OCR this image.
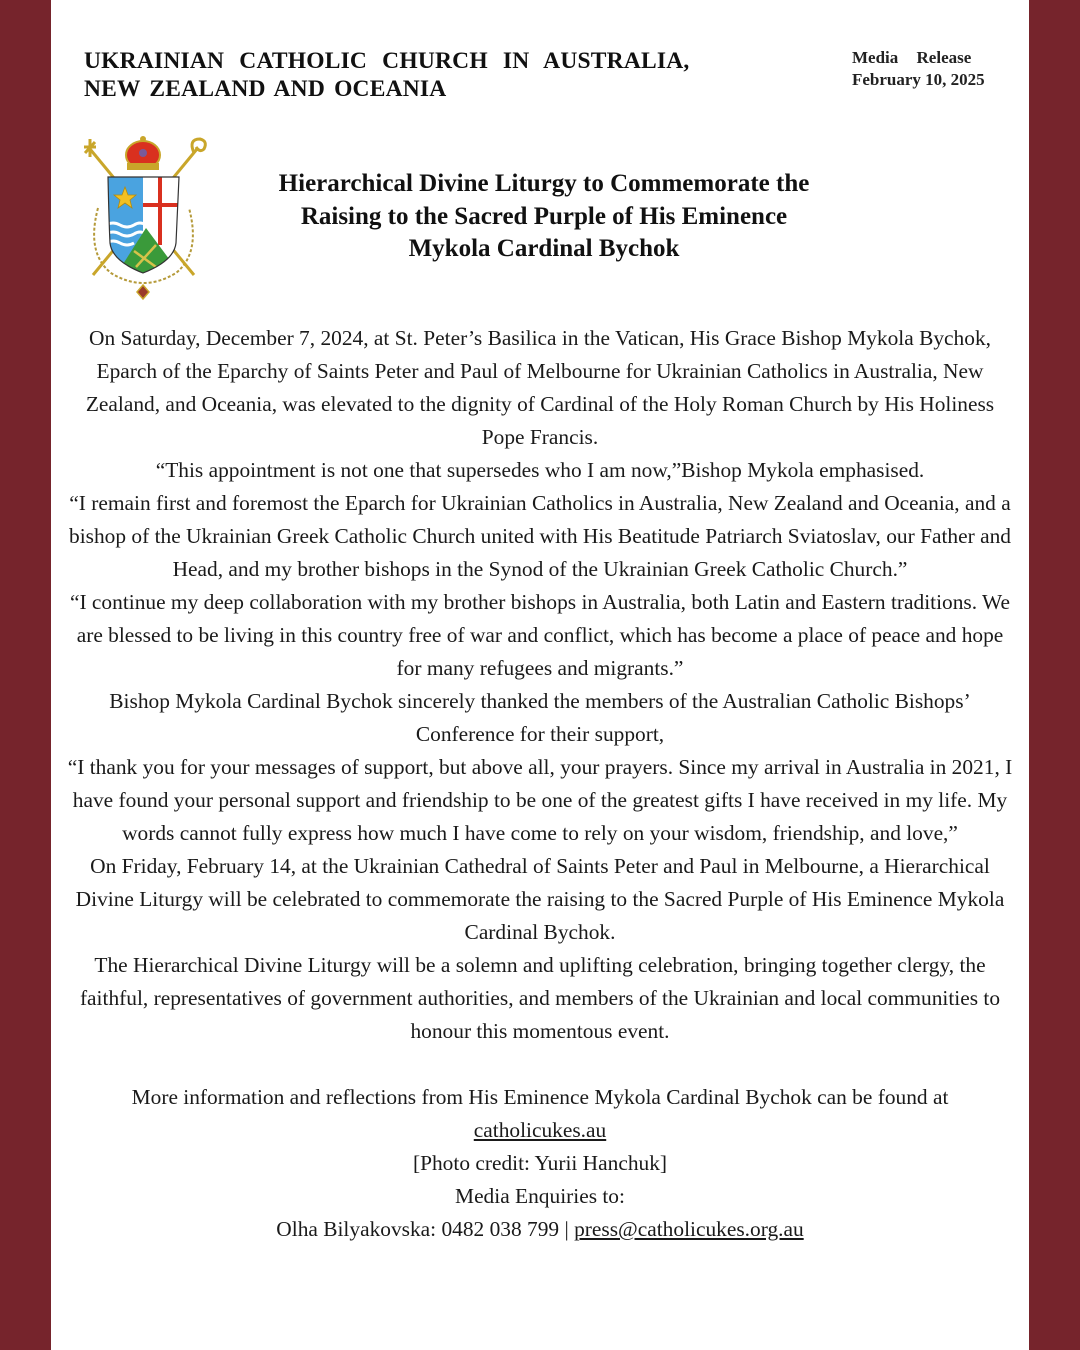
UKRAINIAN CATHOLIC CHURCH IN AUSTRALIA,
NEW ZEALAND AND OCEANIA
Media Release
February 10, 2025
Hierarchical Divine Liturgy to Commemorate the Raising to the Sacred Purple of His Eminence Mykola Cardinal Bychok

On Saturday, December 7, 2024, at St. Peter’s Basilica in the Vatican, His Grace Bishop Mykola Bychok, Eparch of the Eparchy of Saints Peter and Paul of Melbourne for Ukrainian Catholics in Australia, New Zealand, and Oceania, was elevated to the dignity of Cardinal of the Holy Roman Church by His Holiness Pope Francis.

“This appointment is not one that supersedes who I am now,”Bishop Mykola emphasised.

“I remain first and foremost the Eparch for Ukrainian Catholics in Australia, New Zealand and Oceania, and a bishop of the Ukrainian Greek Catholic Church united with His Beatitude Patriarch Sviatoslav, our Father and Head, and my brother bishops in the Synod of the Ukrainian Greek Catholic Church.”

“I continue my deep collaboration with my brother bishops in Australia, both Latin and Eastern traditions. We are blessed to be living in this country free of war and conflict, which has become a place of peace and hope for many refugees and migrants.”

Bishop Mykola Cardinal Bychok sincerely thanked the members of the Australian Catholic Bishops’ Conference for their support,

“I thank you for your messages of support, but above all, your prayers. Since my arrival in Australia in 2021, I have found your personal support and friendship to be one of the greatest gifts I have received in my life. My words cannot fully express how much I have come to rely on your wisdom, friendship, and love,”

On Friday, February 14, at the Ukrainian Cathedral of Saints Peter and Paul in Melbourne, a Hierarchical Divine Liturgy will be celebrated to commemorate the raising to the Sacred Purple of His Eminence Mykola Cardinal Bychok.

The Hierarchical Divine Liturgy will be a solemn and uplifting celebration, bringing together clergy, the faithful, representatives of government authorities, and members of the Ukrainian and local communities to honour this momentous event.

More information and reflections from His Eminence Mykola Cardinal Bychok can be found at catholicukes.au

[Photo credit: Yurii Hanchuk]

Media Enquiries to:

Olha Bilyakovska: 0482 038 799 | press@catholicukes.org.au
